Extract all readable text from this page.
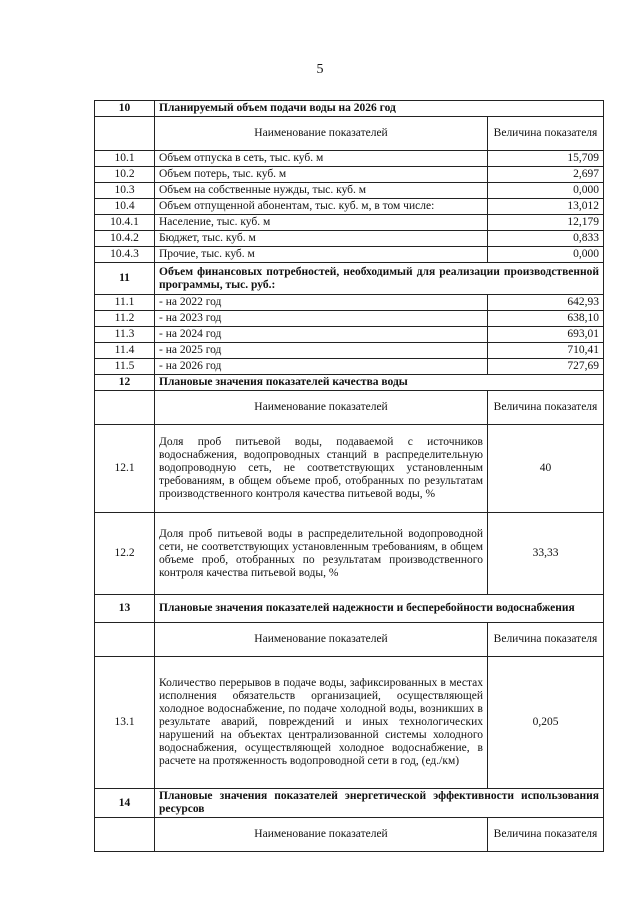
5
10	Планируемый объем подачи воды на 2026 год	
	Наименование показателей	Величина показателя
10.1	Объем отпуска в сеть, тыс. куб. м	15,709
10.2	Объем потерь, тыс. куб. м	2,697
10.3	Объем на собственные нужды, тыс. куб. м	0,000
10.4	Объем отпущенной абонентам, тыс. куб. м, в том числе:	13,012
10.4.1	Население, тыс. куб. м	12,179
10.4.2	Бюджет, тыс. куб. м	0,833
10.4.3	Прочие, тыс. куб. м	0,000
11	Объем финансовых потребностей, необходимый для реализации производственной программы, тыс. руб.:	
11.1	- на 2022 год	642,93
11.2	- на 2023 год	638,10
11.3	- на 2024 год	693,01
11.4	- на 2025 год	710,41
11.5	- на 2026 год	727,69
12	Плановые значения показателей качества воды	
	Наименование показателей	Величина показателя
12.1	Доля проб питьевой воды, подаваемой с источников водоснабжения, водопроводных станций в распределительную водопроводную сеть, не соответствующих установленным требованиям, в общем объеме проб, отобранных по результатам производственного контроля качества питьевой воды, %	40
12.2	Доля проб питьевой воды в распределительной водопроводной сети, не соответствующих установленным требованиям, в общем объеме проб, отобранных по результатам производственного контроля качества питьевой воды, %	33,33
13	Плановые значения показателей надежности и бесперебойности водоснабжения	
	Наименование показателей	Величина показателя
13.1	Количество перерывов в подаче воды, зафиксированных в местах исполнения обязательств организацией, осуществляющей холодное водоснабжение, по подаче холодной воды, возникших в результате аварий, повреждений и иных технологических нарушений на объектах централизованной системы холодного водоснабжения, осуществляющей холодное водоснабжение, в расчете на протяженность водопроводной сети в год, (ед./км)	0,205
14	Плановые значения показателей энергетической эффективности использования ресурсов	
	Наименование показателей	Величина показателя
